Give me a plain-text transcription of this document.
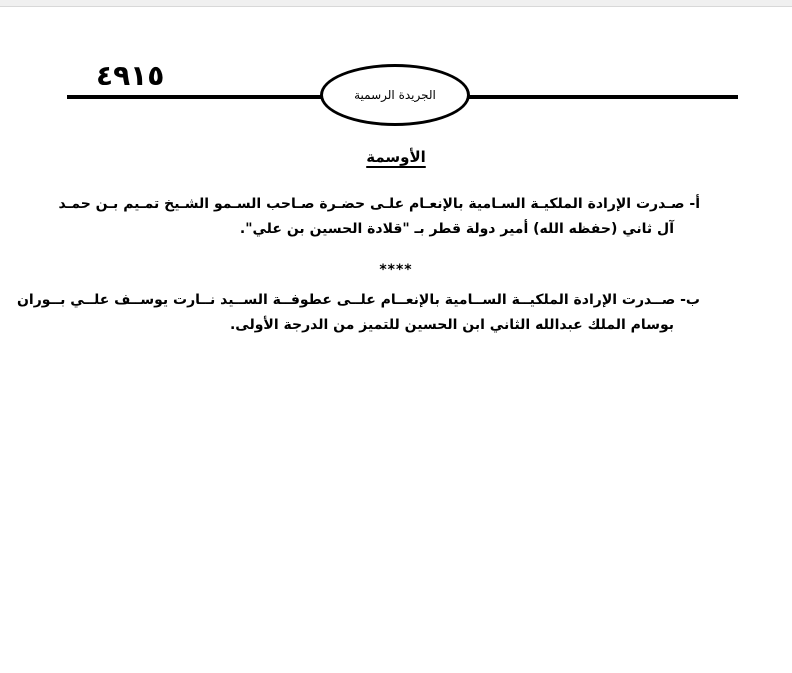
٤٩١٥
الجريدة الرسمية
الأوسمة
أ- صـدرت الإرادة الملكيـة السـامية بالإنعـام علـى حضـرة صـاحب السـمو الشـيخ تمـيم بـن حمـد
آل ثاني (حفظه الله) أمير دولة قطر بـ "قلادة الحسين بن علي".
****
ب- صــدرت الإرادة الملكيــة الســامية بالإنعــام علــى عطوفــة الســيد نــارت يوســف علــي بــوران
بوسام الملك عبدالله الثاني ابن الحسين للتميز من الدرجة الأولى.
